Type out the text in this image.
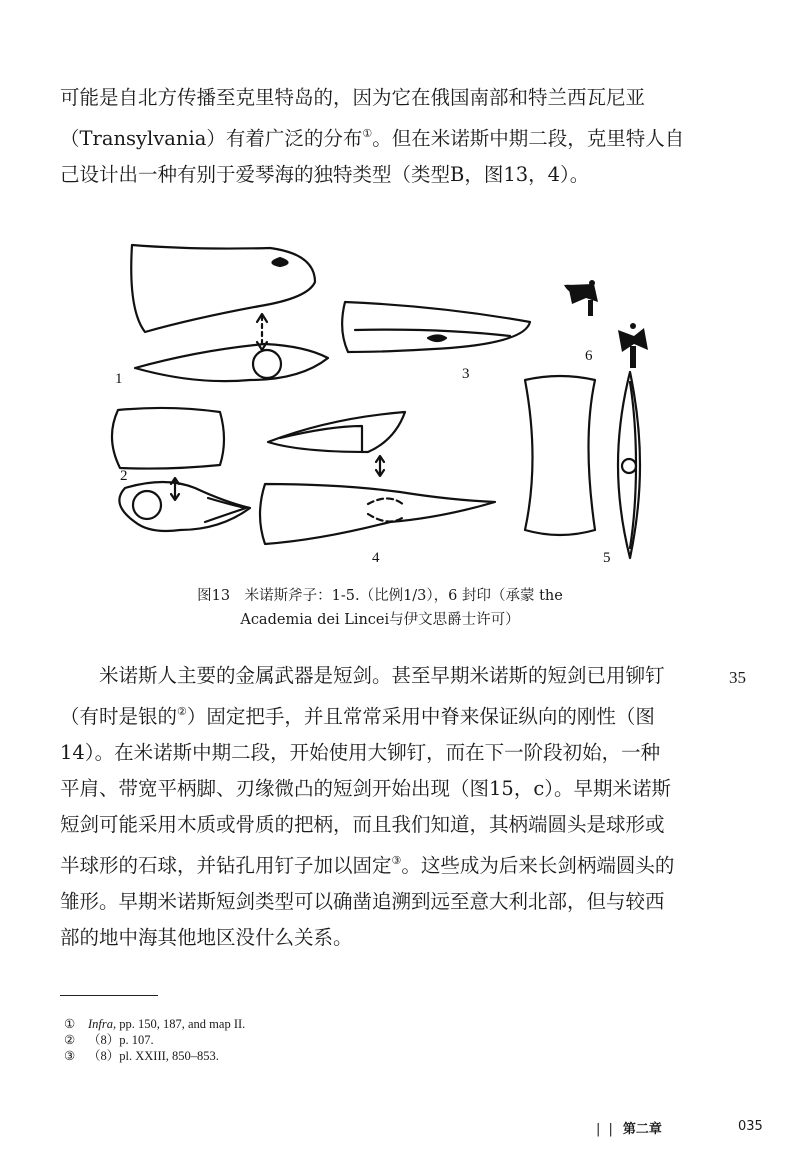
可能是自北方传播至克里特岛的，因为它在俄国南部和特兰西瓦尼亚

（Transylvania）有着广泛的分布①。但在米诺斯中期二段，克里特人自

己设计出一种有别于爱琴海的独特类型（类型B，图13，4）。

1
2
3
4	5
6
图13　米诺斯斧子：1-5.（比例1/3），6 封印（承蒙 the
Academia dei Lincei与伊文思爵士许可）

米诺斯人主要的金属武器是短剑。甚至早期米诺斯的短剑已用铆钉

（有时是银的②）固定把手，并且常常采用中脊来保证纵向的刚性（图

14）。在米诺斯中期二段，开始使用大铆钉，而在下一阶段初始，一种

平肩、带宽平柄脚、刃缘微凸的短剑开始出现（图15，c）。早期米诺斯

短剑可能采用木质或骨质的把柄，而且我们知道，其柄端圆头是球形或

半球形的石球，并钻孔用钉子加以固定③。这些成为后来长剑柄端圆头的

雏形。早期米诺斯短剑类型可以确凿追溯到远至意大利北部，但与较西

部的地中海其他地区没什么关系。

35
① Infra, pp. 150, 187, and map II.
② （8）p. 107.
③ （8）pl. XXIII, 850–853.
| | 第二章	035
